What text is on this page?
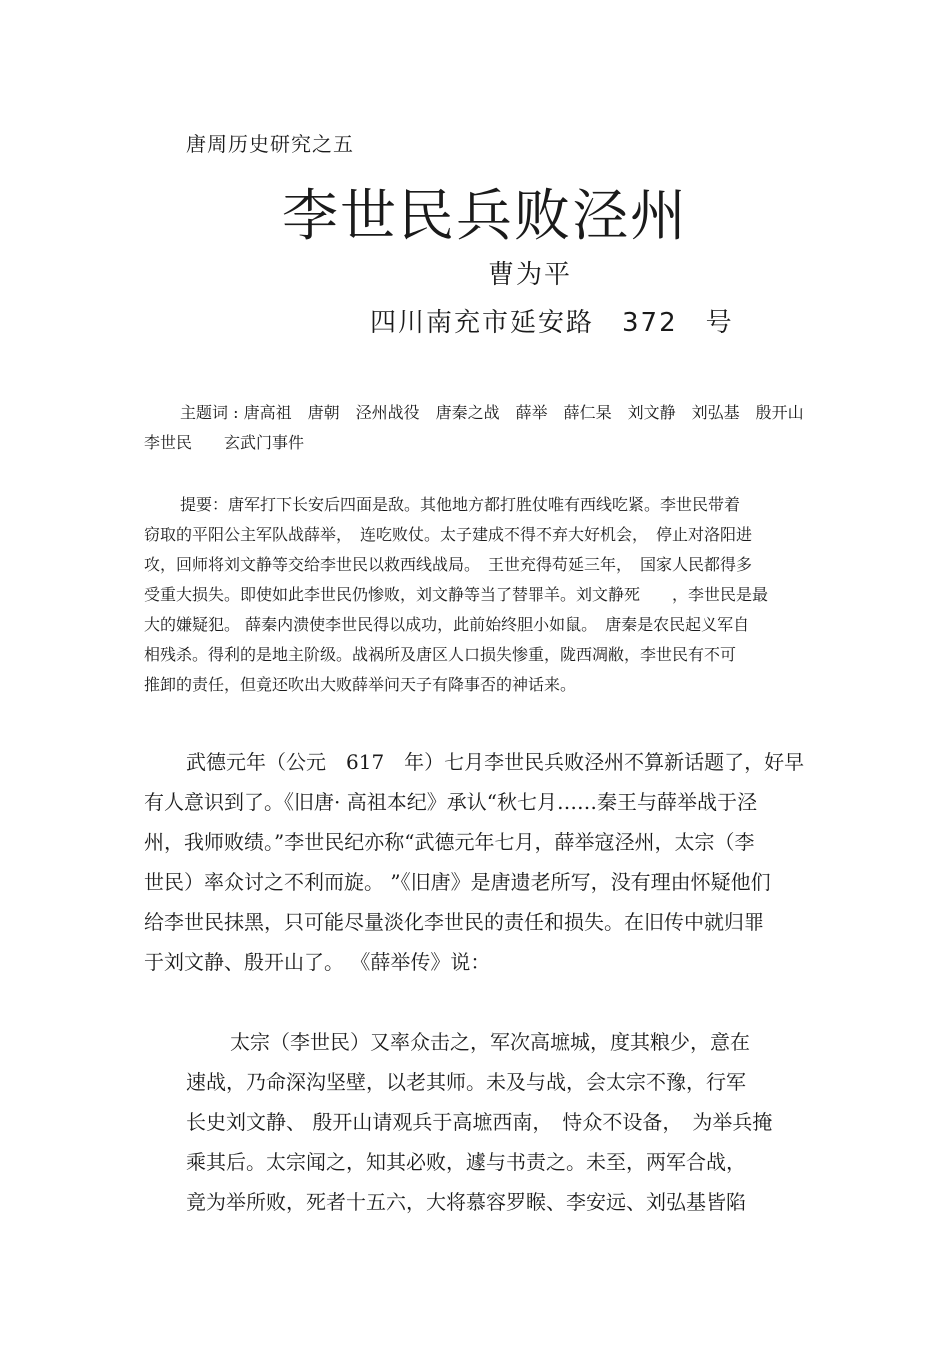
唐周历史研究之五
李世民兵败泾州
曹为平
四川南充市延安路　372　号
主题词 : 唐高祖　唐朝　泾州战役　唐秦之战　薛举　薛仁杲　刘文静　刘弘基　殷开山
李世民　　玄武门事件
提要：唐军打下长安后四面是敌。其他地方都打胜仗唯有西线吃紧。李世民带着
窃取的平阳公主军队战薛举，　连吃败仗。太子建成不得不弃大好机会，　停止对洛阳进
攻，回师将刘文静等交给李世民以救西线战局。　王世充得苟延三年，　国家人民都得多
受重大损失。即使如此李世民仍惨败，刘文静等当了替罪羊。刘文静死　　，李世民是最
大的嫌疑犯。 薛秦内溃使李世民得以成功，此前始终胆小如鼠。　唐秦是农民起义军自
相残杀。得利的是地主阶级。战祸所及唐区人口损失惨重，陇西凋敝，李世民有不可
推卸的责任，但竟还吹出大败薛举问天子有降事否的神话来。
武德元年（公元　617　年）七月李世民兵败泾州不算新话题了，好早
有人意识到了。《旧唐· 高祖本纪》承认“秋七月……秦王与薛举战于泾
州，我师败绩。”李世民纪亦称“武德元年七月，薛举寇泾州，太宗（李
世民）率众讨之不利而旋。 ”《旧唐》是唐遗老所写，没有理由怀疑他们
给李世民抹黑，只可能尽量淡化李世民的责任和损失。在旧传中就归罪
于刘文静、殷开山了。 《薛举传》说：
太宗（李世民）又率众击之，军次高墌城，度其粮少，意在
速战，乃命深沟坚壁，以老其师。未及与战，会太宗不豫，行军
长史刘文静、 殷开山请观兵于高墌西南，　恃众不设备，　为举兵掩
乘其后。太宗闻之，知其必败，遽与书责之。未至，两军合战，
竟为举所败，死者十五六，大将慕容罗睺、李安远、刘弘基皆陷
